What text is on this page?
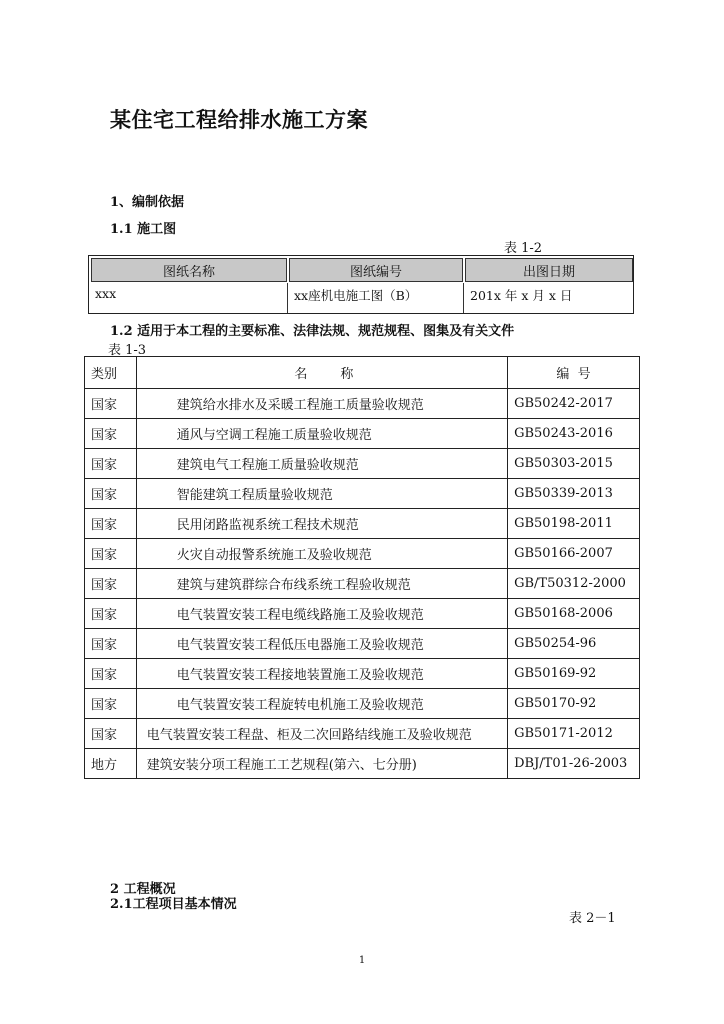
某住宅工程给排水施工方案
1、编制依据
1.1 施工图
表 1-2
图纸名称	图纸编号	出图日期
xxx	xx座机电施工图（B）	201x 年 x 月 x 日
1.2 适用于本工程的主要标准、法律法规、规范规程、图集及有关文件
表 1-3
类别	名        称	编  号
国家	建筑给水排水及采暖工程施工质量验收规范	GB50242-2017
国家	通风与空调工程施工质量验收规范	GB50243-2016
国家	建筑电气工程施工质量验收规范	GB50303-2015
国家	智能建筑工程质量验收规范	GB50339-2013
国家	民用闭路监视系统工程技术规范	GB50198-2011
国家	火灾自动报警系统施工及验收规范	GB50166-2007
国家	建筑与建筑群综合布线系统工程验收规范	GB/T50312-2000
国家	电气装置安装工程电缆线路施工及验收规范	GB50168-2006
国家	电气装置安装工程低压电器施工及验收规范	GB50254-96
国家	电气装置安装工程接地装置施工及验收规范	GB50169-92
国家	电气装置安装工程旋转电机施工及验收规范	GB50170-92
国家	电气装置安装工程盘、柜及二次回路结线施工及验收规范	GB50171-2012
地方	建筑安装分项工程施工工艺规程(第六、七分册)	DBJ/T01-26-2003
2 工程概况
2.1工程项目基本情况
表 2－1
1
